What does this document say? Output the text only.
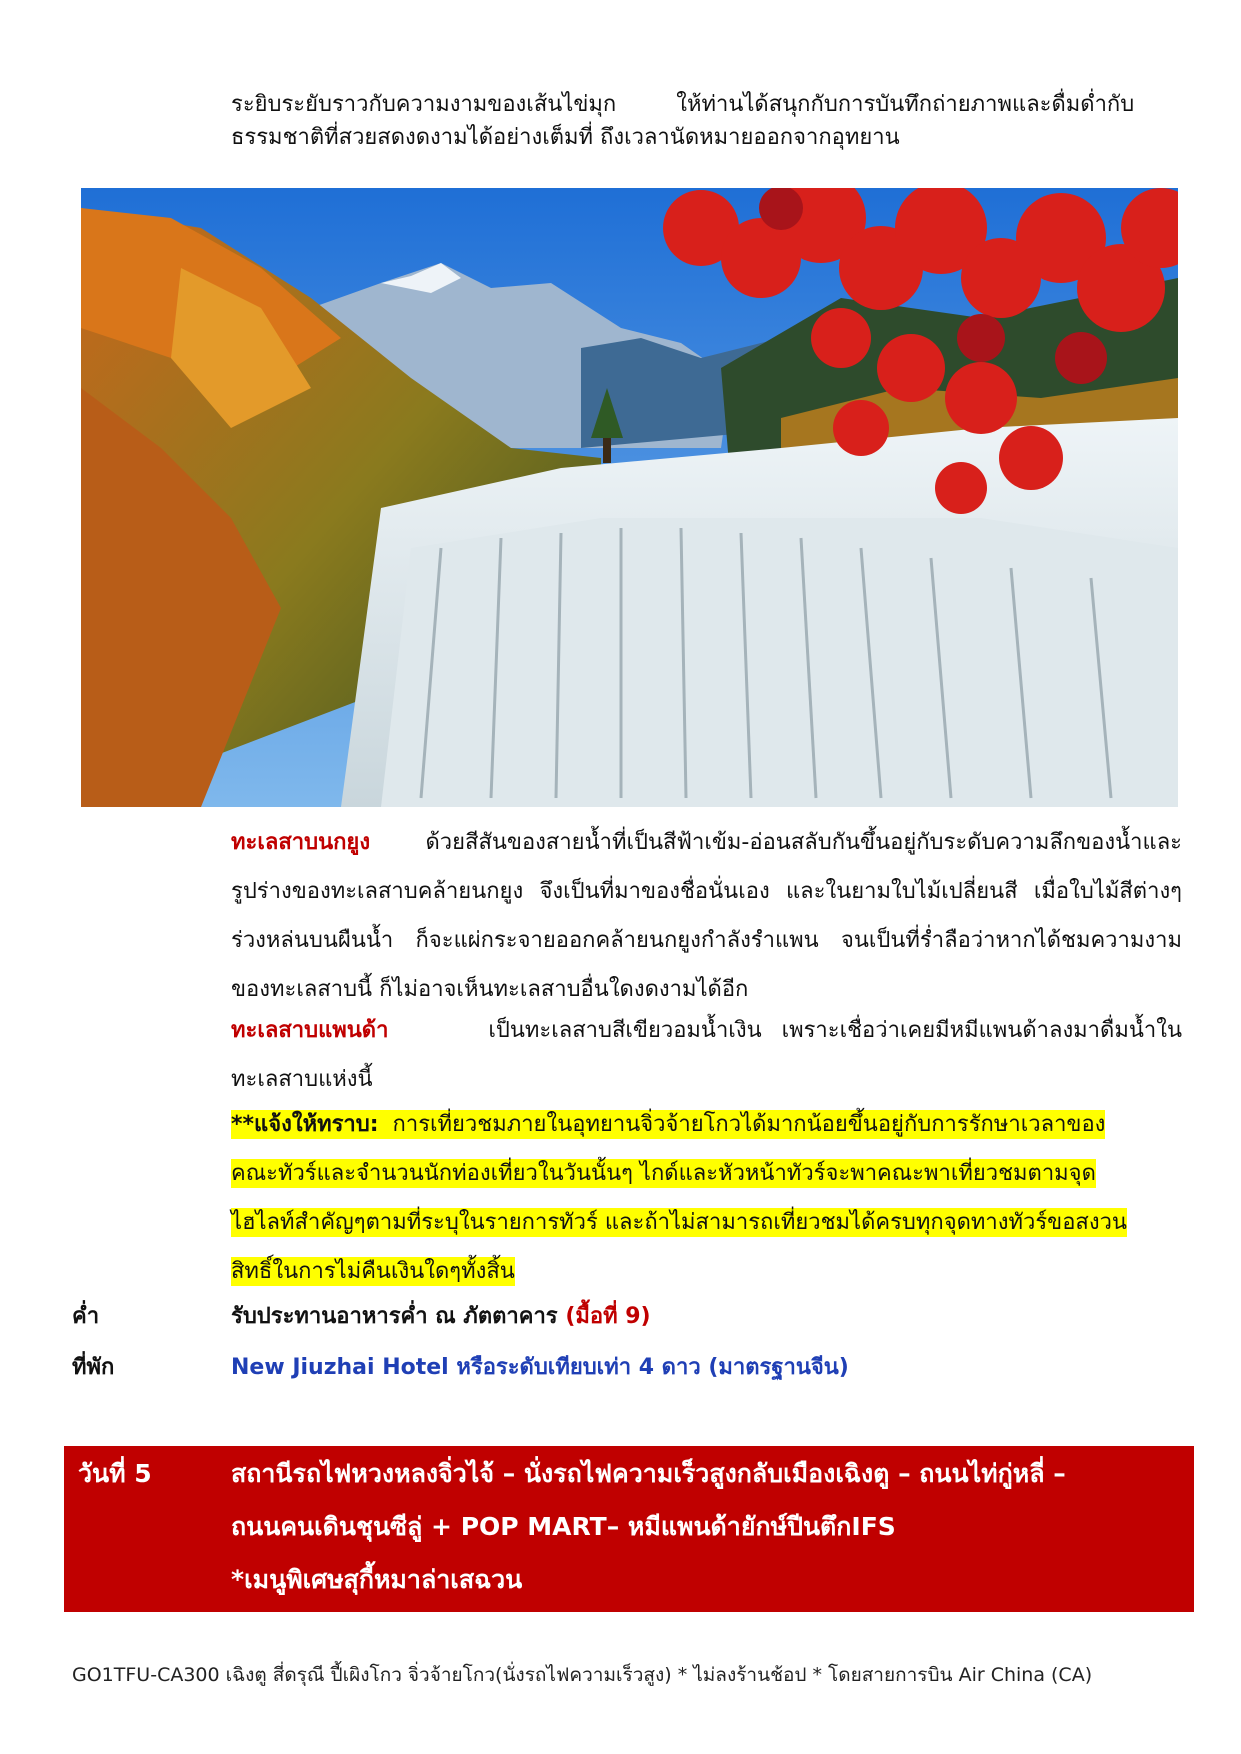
ระยิบระยับราวกับความงามของเส้นไข่มุก	ให้ท่านได้สนุกกับการบันทึกถ่ายภาพและดื่มด่ำกับ
ธรรมชาติที่สวยสดงดงามได้อย่างเต็มที่ ถึงเวลานัดหมายออกจากอุทยาน
ทะเลสาบนกยูง	ด้วยสีสันของสายน้ำที่เป็นสีฟ้าเข้ม-อ่อนสลับกันขึ้นอยู่กับระดับความลึกของน้ำและรูปร่างของทะเลสาบคล้ายนกยูง จึงเป็นที่มาของชื่อนั่นเอง และในยามใบไม้เปลี่ยนสี เมื่อใบไม้สีต่างๆ ร่วงหล่นบนผืนน้ำ ก็จะแผ่กระจายออกคล้ายนกยูงกำลังรำแพน จนเป็นที่ร่ำลือว่าหากได้ชมความงามของทะเลสาบนี้ ก็ไม่อาจเห็นทะเลสาบอื่นใดงดงามได้อีก
ทะเลสาบแพนด้า	เป็นทะเลสาบสีเขียวอมน้ำเงิน เพราะเชื่อว่าเคยมีหมีแพนด้าลงมาดื่มน้ำในทะเลสาบแห่งนี้
**แจ้งให้ทราบ: การเที่ยวชมภายในอุทยานจิ่วจ้ายโกวได้มากน้อยขึ้นอยู่กับการรักษาเวลาของ
คณะทัวร์และจำนวนนักท่องเที่ยวในวันนั้นๆ ไกด์และหัวหน้าทัวร์จะพาคณะพาเที่ยวชมตามจุด
ไฮไลท์สำคัญๆตามที่ระบุในรายการทัวร์ และถ้าไม่สามารถเที่ยวชมได้ครบทุกจุดทางทัวร์ขอสงวน
สิทธิ์ในการไม่คืนเงินใดๆทั้งสิ้น
ค่ำ	รับประทานอาหารค่ำ ณ ภัตตาคาร (มื้อที่ 9)
ที่พัก	New Jiuzhai Hotel หรือระดับเทียบเท่า 4 ดาว (มาตรฐานจีน)
วันที่ 5	สถานีรถไฟหวงหลงจิ่วไจ้ – นั่งรถไฟความเร็วสูงกลับเมืองเฉิงตู – ถนนไท่กู่หลี่ –
ถนนคนเดินชุนซีลู่ + POP MART– หมีแพนด้ายักษ์ปีนตึกIFS
*เมนูพิเศษสุกี้หมาล่าเสฉวน
GO1TFU-CA300 เฉิงตู สี่ดรุณี ปี้เผิงโกว จิ่วจ้ายโกว(นั่งรถไฟความเร็วสูง) * ไม่ลงร้านช้อป * โดยสายการบิน Air China (CA)
